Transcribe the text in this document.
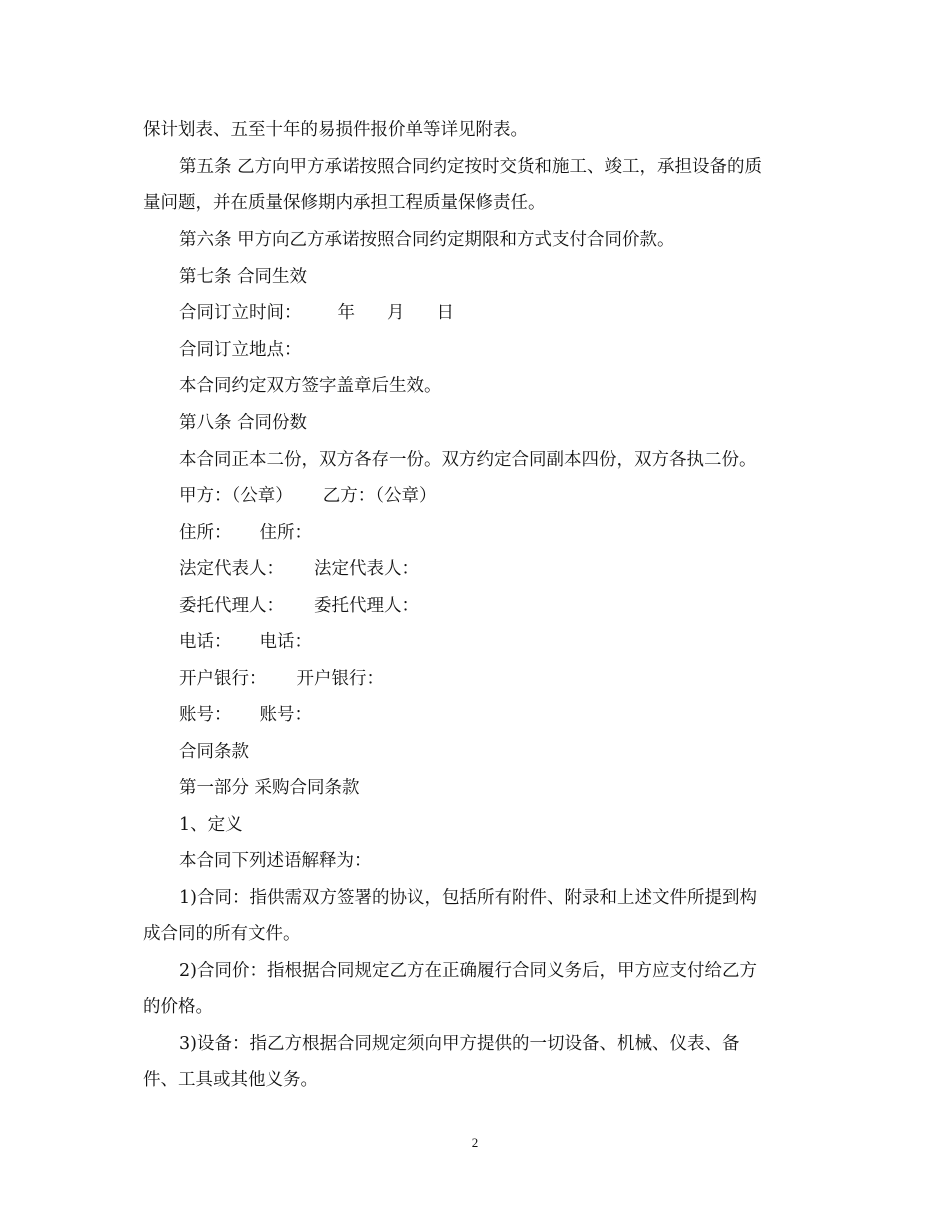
保计划表、五至十年的易损件报价单等详见附表。
第五条 乙方向甲方承诺按照合同约定按时交货和施工、竣工，承担设备的质
量问题，并在质量保修期内承担工程质量保修责任。
第六条 甲方向乙方承诺按照合同约定期限和方式支付合同价款。
第七条 合同生效
合同订立时间： 年 月 日
合同订立地点：
本合同约定双方签字盖章后生效。
第八条 合同份数
本合同正本二份，双方各存一份。双方约定合同副本四份，双方各执二份。
甲方：（公章） 乙方：（公章）
住所： 住所：
法定代表人： 法定代表人：
委托代理人： 委托代理人：
电话： 电话：
开户银行： 开户银行：
账号： 账号：
合同条款
第一部分 采购合同条款
1、定义
本合同下列述语解释为：
1)合同：指供需双方签署的协议，包括所有附件、附录和上述文件所提到构
成合同的所有文件。
2)合同价：指根据合同规定乙方在正确履行合同义务后，甲方应支付给乙方
的价格。
3)设备：指乙方根据合同规定须向甲方提供的一切设备、机械、仪表、备
件、工具或其他义务。
2
